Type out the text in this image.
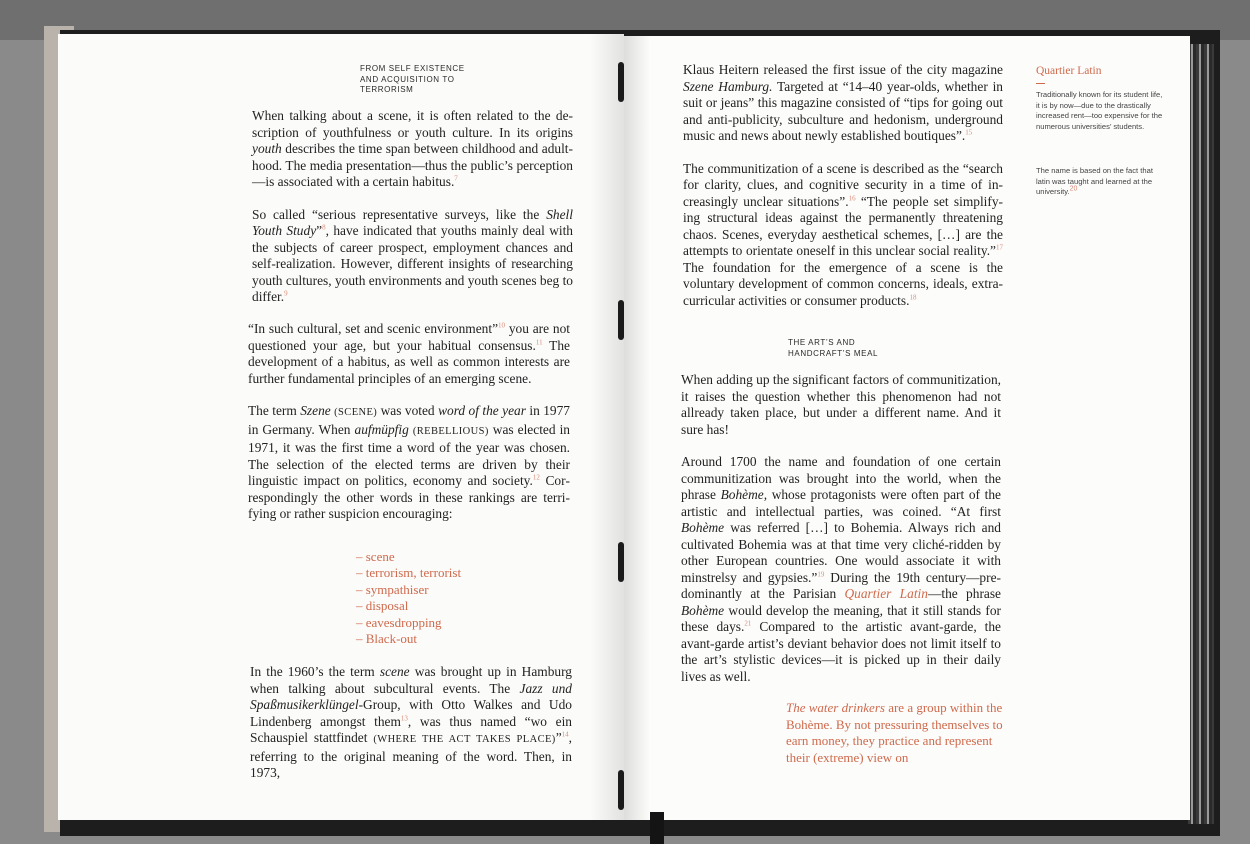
FROM SELF EXISTENCE
AND ACQUISITION TO
TERRORISM

When talking about a scene, it is often related to the description of youthfulness or youth culture. In its origins youth describes the time span between childhood and adulthood. The media presentation—thus the public’s perception—is associated with a certain habitus.$^7$

So called “serious representative surveys, like the Shell Youth Study”$^8$, have indicated that youths mainly deal with the subjects of career prospect, employment chances and self-realization. However, different insights of researching youth cultures, youth environments and youth scenes beg to differ.$^9$

“In such cultural, set and scenic environment”$^{10}$ you are not questioned your age, but your habitual consensus.$^{11}$ The development of a habitus, as well as common interests are further fundamental principles of an emerging scene.

The term Szene (SCENE) was voted word of the year in 1977 in Germany. When aufmüpfig (REBELLIOUS) was elected in 1971, it was the first time a word of the year was chosen. The selection of the elected terms are driven by their linguistic impact on politics, economy and society.$^{12}$ Correspondingly the other words in these rankings are terrifying or rather suspicion encouraging:

– scene
– terrorism, terrorist
– sympathiser
– disposal
– eavesdropping
– Black-out

In the 1960’s the term scene was brought up in Hamburg when talking about subcultural events. The Jazz und Spaßmusikerklüngel-Group, with Otto Walkes and Udo Lindenberg amongst them$^{13}$, was thus named “wo ein Schauspiel stattfindet (WHERE THE ACT TAKES PLACE)”$^{14}$, referring to the original meaning of the word. Then, in 1973,

Klaus Heitern released the first issue of the city magazine Szene Hamburg. Targeted at “14–40 year-olds, whether in suit or jeans” this magazine consisted of “tips for going out and anti-publicity, subculture and hedonism, underground music and news about newly established boutiques”.$^{15}$

The communitization of a scene is described as the “search for clarity, clues, and cognitive security in a time of increasingly unclear situations”.$^{16}$ “The people set simplifying structural ideas against the permanently threatening chaos. Scenes, everyday aesthetical schemes, […] are the attempts to orientate oneself in this unclear social reality.”$^{17}$ The foundation for the emergence of a scene is the voluntary development of common concerns, ideals, extracurricular activities or consumer products.$^{18}$

THE ART’S AND
HANDCRAFT’S MEAL

When adding up the significant factors of communitization, it raises the question whether this phenomenon had not allready taken place, but under a different name. And it sure has!

Around 1700 the name and foundation of one certain communitization was brought into the world, when the phrase Bohème, whose protagonists were often part of the artistic and intellectual parties, was coined. “At first Bohème was referred […] to Bohemia. Always rich and cultivated Bohemia was at that time very cliché-ridden by other European countries. One would associate it with minstrelsy and gypsies.”$^{19}$ During the 19th century—predominantly at the Parisian Quartier Latin—the phrase Bohème would develop the meaning, that it still stands for these days.$^{21}$ Compared to the artistic avant-garde, the avant-garde artist’s deviant behavior does not limit itself to the art’s stylistic devices—it is picked up in their daily lives as well.

The water drinkers are a group within the Bohème. By not pressuring themselves to earn money, they practice and represent their (extreme) view on
Quartier Latin
Traditionally known for its student life, it is by now—due to the drastically increased rent—too expensive for the numerous universities’ students.
The name is based on the fact that latin was taught and learned at the university.20
